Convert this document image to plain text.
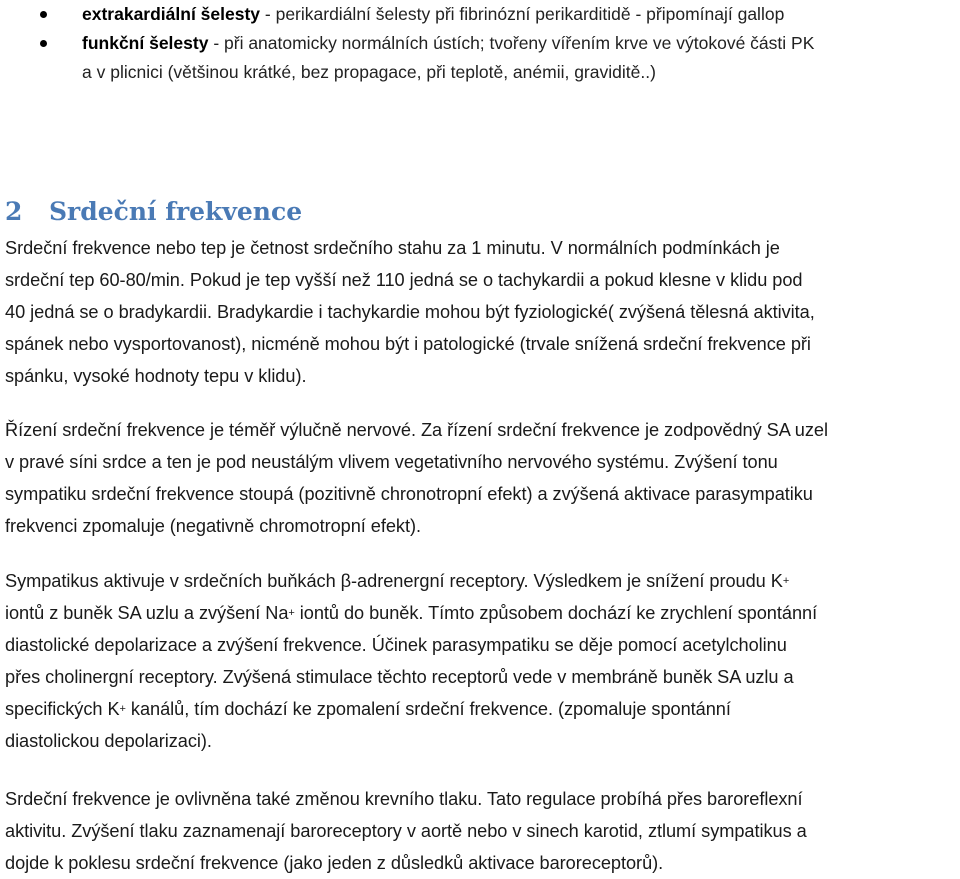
extrakardiální šelesty - perikardiální šelesty při fibrinózní perikarditidě - připomínají gallop
funkční šelesty - při anatomicky normálních ústích; tvořeny vířením krve ve výtokové části PK
a v plicnici (většinou krátké, bez propagace, při teplotě, anémii, graviditě..)
2 Srdeční frekvence
Srdeční frekvence nebo tep je četnost srdečního stahu za 1 minutu. V normálních podmínkách je
srdeční tep 60-80/min. Pokud je tep vyšší než 110 jedná se o tachykardii a pokud klesne v klidu pod
40 jedná se o bradykardii. Bradykardie i tachykardie mohou být fyziologické( zvýšená tělesná aktivita,
spánek nebo vysportovanost), nicméně mohou být i patologické (trvale snížená srdeční frekvence při
spánku, vysoké hodnoty tepu v klidu).
Řízení srdeční frekvence je téměř výlučně nervové. Za řízení srdeční frekvence je zodpovědný SA uzel
v pravé síni srdce a ten je pod neustálým vlivem vegetativního nervového systému. Zvýšení tonu
sympatiku srdeční frekvence stoupá (pozitivně chronotropní efekt) a zvýšená aktivace parasympatiku
frekvenci zpomaluje (negativně chromotropní efekt).
Sympatikus aktivuje v srdečních buňkách β-adrenergní receptory. Výsledkem je snížení proudu K+
iontů z buněk SA uzlu a zvýšení Na+ iontů do buněk. Tímto způsobem dochází ke zrychlení spontánní
diastolické depolarizace a zvýšení frekvence. Účinek parasympatiku se děje pomocí acetylcholinu
přes cholinergní receptory. Zvýšená stimulace těchto receptorů vede v membráně buněk SA uzlu a
specifických K+ kanálů, tím dochází ke zpomalení srdeční frekvence. (zpomaluje spontánní
diastolickou depolarizaci).
Srdeční frekvence je ovlivněna také změnou krevního tlaku. Tato regulace probíhá přes baroreflexní
aktivitu. Zvýšení tlaku zaznamenají baroreceptory v aortě nebo v sinech karotid, ztlumí sympatikus a
dojde k poklesu srdeční frekvence (jako jeden z důsledků aktivace baroreceptorů).
